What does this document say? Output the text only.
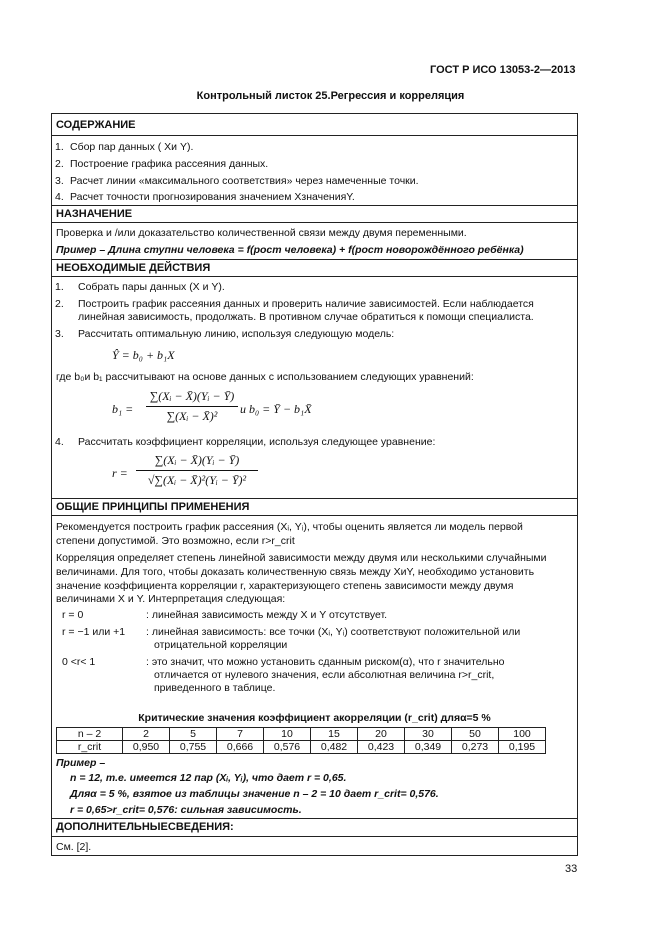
ГОСТ Р ИСО 13053-2—2013
Контрольный листок 25.Регрессия и корреляция
СОДЕРЖАНИЕ
1. Сбор пар данных ( Xи Y).
2. Построение графика рассеяния данных.
3. Расчет линии «максимального соответствия» через намеченные точки.
4. Расчет точности прогнозирования значением XзначенияY.
НАЗНАЧЕНИЕ
Проверка и /или доказательство количественной связи между двумя переменными.
Пример – Длина ступни человека = f(рост человека) + f(рост новорождённого ребёнка)
НЕОБХОДИМЫЕ ДЕЙСТВИЯ
1. Собрать пары данных (X и Y).
2. Построить график рассеяния данных и проверить наличие зависимостей. Если наблюдается
линейная зависимость, продолжать. В противном случае обратиться к помощи специалиста.
3. Рассчитать оптимальную линию, используя следующую модель:
Ŷ = b₀ + b₁X
где b₀и b₁ рассчитывают на основе данных с использованием следующих уравнений:
b₁ =
∑(Xᵢ − X̄)(Yᵢ − Ȳ)
∑(Xᵢ − X̄)²	и b₀ = Ȳ − b₁X̄
4. Рассчитать коэффициент корреляции, используя следующее уравнение:
r =
∑(Xᵢ − X̄)(Yᵢ − Ȳ)
√∑(Xᵢ − X̄)²(Yᵢ − Ȳ)²
ОБЩИЕ ПРИНЦИПЫ ПРИМЕНЕНИЯ
Рекомендуется построить график рассеяния (Xᵢ, Yᵢ), чтобы оценить является ли модель первой
степени допустимой. Это возможно, если r>r_crit
Корреляция определяет степень линейной зависимости между двумя или несколькими случайными
величинами. Для того, чтобы доказать количественную связь между XиY, необходимо установить
значение коэффициента корреляции r, характеризующего степень зависимости между двумя
величинами X и Y. Интерпретация следующая:
r = 0	: линейная зависимость между X и Y отсутствует.
r = −1 или +1 : линейная зависимость: все точки (Xᵢ, Yᵢ) соответствуют положительной или
отрицательной корреляции
0 <r< 1	: это значит, что можно установить сданным риском(α), что r значительно
отличается от нулевого значения, если абсолютная величина r>r_crit,
приведенного в таблице.
Критические значения коэффициент акорреляции (r_crit) дляα=5 %
n – 2	2	5	7	10	15	20	30	50	100
r_crit	0,950	0,755	0,666	0,576	0,482	0,423	0,349	0,273	0,195
Пример –
n = 12, т.е. имеется 12 пар (Xᵢ, Yᵢ), что дает r = 0,65.
Дляα = 5 %, взятое из таблицы значение n – 2 = 10 дает r_crit= 0,576.
r = 0,65>r_crit= 0,576: сильная зависимость.
ДОПОЛНИТЕЛЬНЫЕСВЕДЕНИЯ:
См. [2].
33
